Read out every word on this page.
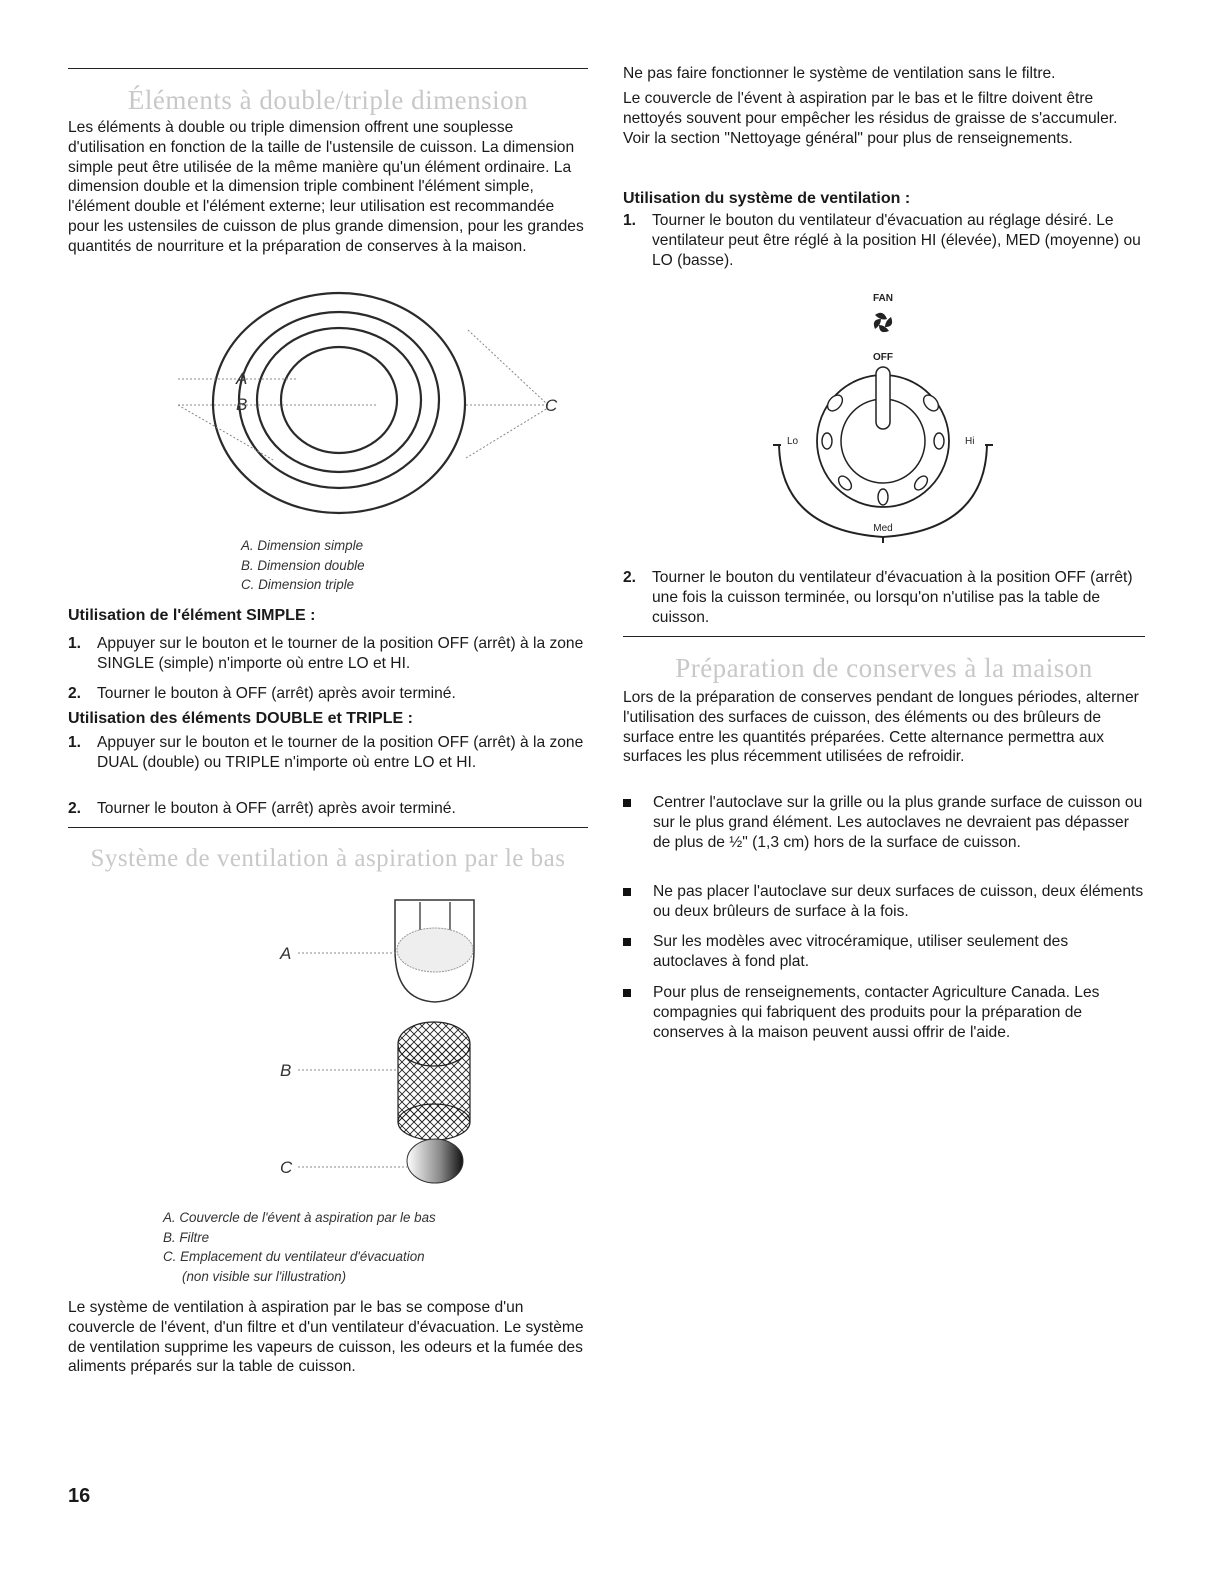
Éléments à double/triple dimension

Les éléments à double ou triple dimension offrent une souplesse d'utilisation en fonction de la taille de l'ustensile de cuisson. La dimension simple peut être utilisée de la même manière qu'un élément ordinaire. La dimension double et la dimension triple combinent l'élément simple, l'élément double et l'élément externe; leur utilisation est recommandée pour les ustensiles de cuisson de plus grande dimension, pour les grandes quantités de nourriture et la préparation de conserves à la maison.

A
B	C
A. Dimension simple
B. Dimension double
C. Dimension triple

Utilisation de l'élément SIMPLE :

1. Appuyer sur le bouton et le tourner de la position OFF (arrêt) à la zone SINGLE (simple) n'importe où entre LO et HI.
2. Tourner le bouton à OFF (arrêt) après avoir terminé.

Utilisation des éléments DOUBLE et TRIPLE :

1. Appuyer sur le bouton et le tourner de la position OFF (arrêt) à la zone DUAL (double) ou TRIPLE n'importe où entre LO et HI.
2. Tourner le bouton à OFF (arrêt) après avoir terminé.
Système de ventilation à aspiration par le bas
A
B
C
A. Couvercle de l'évent à aspiration par le bas
B. Filtre
C. Emplacement du ventilateur d'évacuation
(non visible sur l'illustration)

Le système de ventilation à aspiration par le bas se compose d'un couvercle de l'évent, d'un filtre et d'un ventilateur d'évacuation. Le système de ventilation supprime les vapeurs de cuisson, les odeurs et la fumée des aliments préparés sur la table de cuisson.

Ne pas faire fonctionner le système de ventilation sans le filtre.

Le couvercle de l'évent à aspiration par le bas et le filtre doivent être nettoyés souvent pour empêcher les résidus de graisse de s'accumuler. Voir la section "Nettoyage général" pour plus de renseignements.

Utilisation du système de ventilation :

1. Tourner le bouton du ventilateur d'évacuation au réglage désiré. Le ventilateur peut être réglé à la position HI (élevée), MED (moyenne) ou LO (basse).
FAN
OFF
Lo	Hi
Med
2. Tourner le bouton du ventilateur d'évacuation à la position OFF (arrêt) une fois la cuisson terminée, ou lorsqu'on n'utilise pas la table de cuisson.
Préparation de conserves à la maison

Lors de la préparation de conserves pendant de longues périodes, alterner l'utilisation des surfaces de cuisson, des éléments ou des brûleurs de surface entre les quantités préparées. Cette alternance permettra aux surfaces les plus récemment utilisées de refroidir.

Centrer l'autoclave sur la grille ou la plus grande surface de cuisson ou sur le plus grand élément. Les autoclaves ne devraient pas dépasser de plus de ½" (1,3 cm) hors de la surface de cuisson.
Ne pas placer l'autoclave sur deux surfaces de cuisson, deux éléments ou deux brûleurs de surface à la fois.
Sur les modèles avec vitrocéramique, utiliser seulement des autoclaves à fond plat.
Pour plus de renseignements, contacter Agriculture Canada. Les compagnies qui fabriquent des produits pour la préparation de conserves à la maison peuvent aussi offrir de l'aide.
16
